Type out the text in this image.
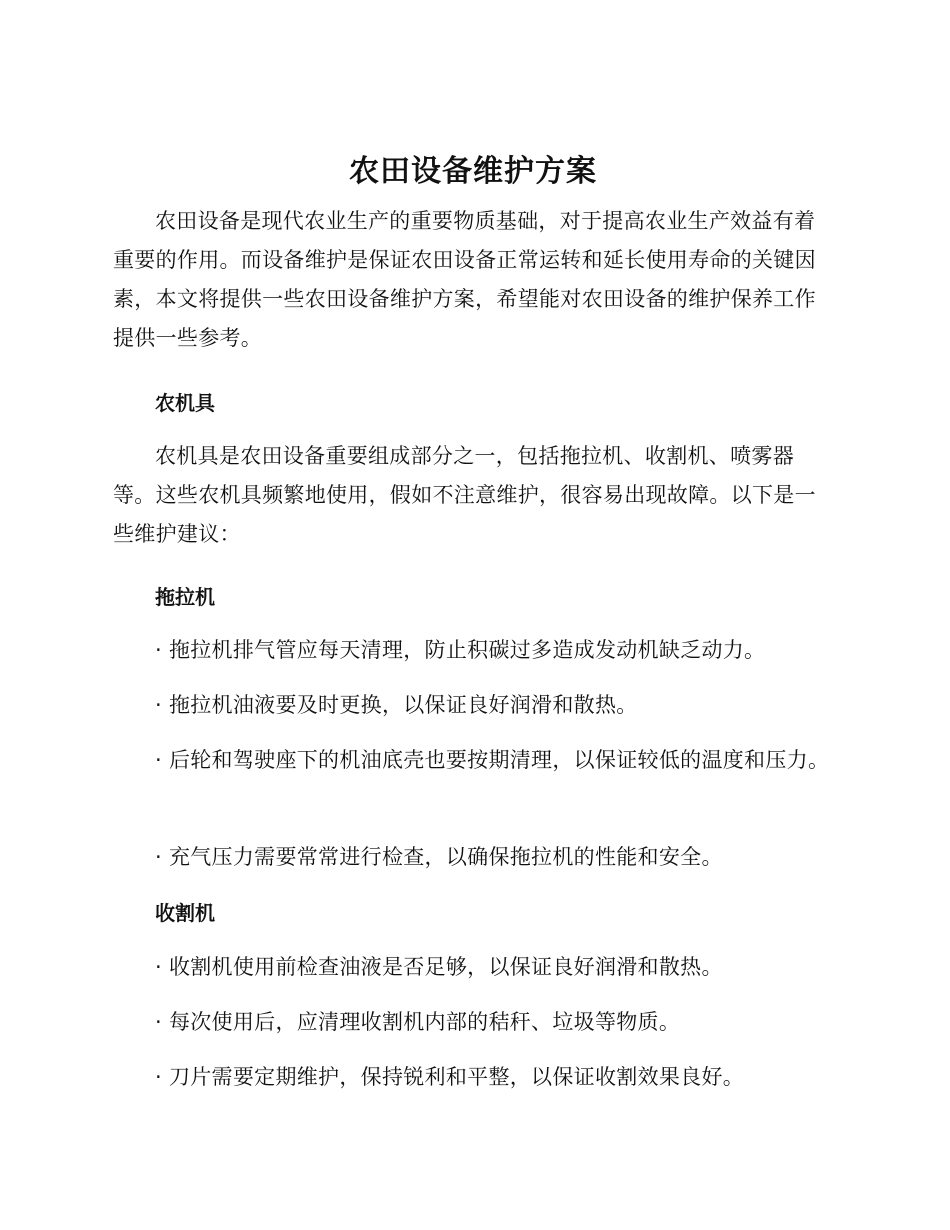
农田设备维护方案
农田设备是现代农业生产的重要物质基础，对于提高农业生产效益有着重要的作用。而设备维护是保证农田设备正常运转和延长使用寿命的关键因素，本文将提供一些农田设备维护方案，希望能对农田设备的维护保养工作提供一些参考。
农机具
农机具是农田设备重要组成部分之一，包括拖拉机、收割机、喷雾器等。这些农机具频繁地使用，假如不注意维护，很容易出现故障。以下是一些维护建议：
拖拉机
· 拖拉机排气管应每天清理，防止积碳过多造成发动机缺乏动力。
· 拖拉机油液要及时更换，以保证良好润滑和散热。
· 后轮和驾驶座下的机油底壳也要按期清理，以保证较低的温度和压力。
· 充气压力需要常常进行检查，以确保拖拉机的性能和安全。
收割机
· 收割机使用前检查油液是否足够，以保证良好润滑和散热。
· 每次使用后，应清理收割机内部的秸秆、垃圾等物质。
· 刀片需要定期维护，保持锐利和平整，以保证收割效果良好。
